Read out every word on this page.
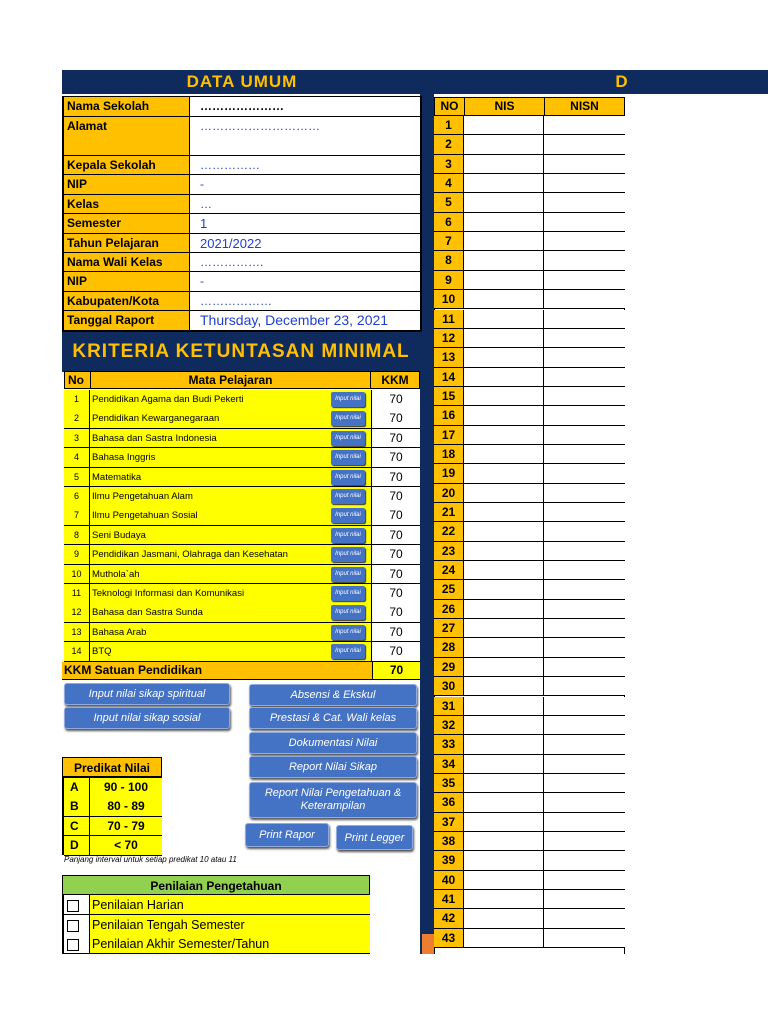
DATA UMUM	D
Nama Sekolah	…………………
Alamat	…………………………
Kepala Sekolah	……………
NIP	-
Kelas	…
Semester	1
Tahun Pelajaran	2021/2022
Nama Wali Kelas	…………….
NIP	-
Kabupaten/Kota	………………
Tanggal Raport	Thursday, December 23, 2021
KRITERIA KETUNTASAN MINIMAL
No	Mata Pelajaran	KKM
1	Pendidikan Agama dan Budi Pekerti	Input nilai	70
2	Pendidikan Kewarganegaraan	Input nilai	70
3	Bahasa dan Sastra Indonesia	Input nilai	70
4	Bahasa Inggris	Input nilai	70
5	Matematika	Input nilai	70
6	Ilmu Pengetahuan Alam	Input nilai	70
7	Ilmu Pengetahuan Sosial	Input nilai	70
8	Seni Budaya	Input nilai	70
9	Pendidikan Jasmani, Olahraga dan Kesehatan	Input nilai	70
10	Muthola`ah	Input nilai	70
11	Teknologi Informasi dan Komunikasi	Input nilai	70
12	Bahasa dan Sastra Sunda	Input nilai	70
13	Bahasa Arab	Input nilai	70
14	BTQ	Input nilai	70
KKM Satuan Pendidikan	70
Input nilai sikap spiritual
Input nilai sikap sosial
Absensi & Ekskul
Prestasi & Cat. Wali kelas
Dokumentasi Nilai
Report Nilai Sikap
Report Nilai Pengetahuan & Keterampilan
Print Rapor	Print Legger
Predikat Nilai
A	90 - 100
B	80 - 89
C	70 - 79
D	< 70
Panjang interval untuk setiap predikat 10 atau 11
Penilaian Pengetahuan
Penilaian Harian
Penilaian Tengah Semester
Penilaian Akhir Semester/Tahun
NO	NIS	NISN
1
2
3
4
5
6
7
8
9
10
11
12
13
14
15
16
17
18
19
20
21
22
23
24
25
26
27
28
29
30
31
32
33
34
35
36
37
38
39
40
41
42
43
